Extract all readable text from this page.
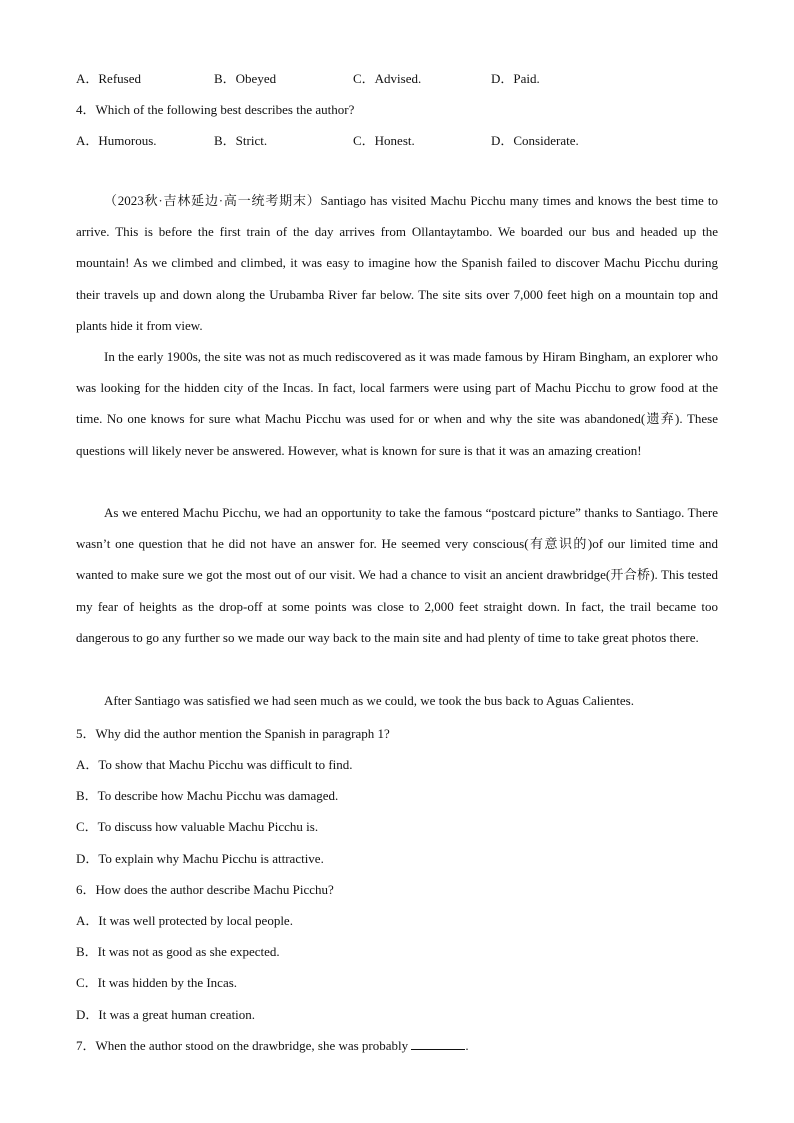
A．Refused	B．Obeyed	C．Advised.	D．Paid.
4．Which of the following best describes the author?
A．Humorous.	B．Strict.	C．Honest.	D．Considerate.

（2023秋·吉林延边·高一统考期末）Santiago has visited Machu Picchu many times and knows the best time to arrive. This is before the first train of the day arrives from Ollantaytambo. We boarded our bus and headed up the mountain! As we climbed and climbed, it was easy to imagine how the Spanish failed to discover Machu Picchu during their travels up and down along the Urubamba River far below. The site sits over 7,000 feet high on a mountain top and plants hide it from view.

In the early 1900s, the site was not as much rediscovered as it was made famous by Hiram Bingham, an explorer who was looking for the hidden city of the Incas. In fact, local farmers were using part of Machu Picchu to grow food at the time. No one knows for sure what Machu Picchu was used for or when and why the site was abandoned(遗弃). These questions will likely never be answered. However, what is known for sure is that it was an amazing creation!

As we entered Machu Picchu, we had an opportunity to take the famous “postcard picture” thanks to Santiago. There wasn’t one question that he did not have an answer for. He seemed very conscious(有意识的)of our limited time and wanted to make sure we got the most out of our visit. We had a chance to visit an ancient drawbridge(开合桥). This tested my fear of heights as the drop-off at some points was close to 2,000 feet straight down. In fact, the trail became too dangerous to go any further so we made our way back to the main site and had plenty of time to take great photos there.

After Santiago was satisfied we had seen much as we could, we took the bus back to Aguas Calientes.

5．Why did the author mention the Spanish in paragraph 1?
A．To show that Machu Picchu was difficult to find.
B．To describe how Machu Picchu was damaged.
C．To discuss how valuable Machu Picchu is.
D．To explain why Machu Picchu is attractive.
6．How does the author describe Machu Picchu?
A．It was well protected by local people.
B．It was not as good as she expected.
C．It was hidden by the Incas.
D．It was a great human creation.
7．When the author stood on the drawbridge, she was probably	.
